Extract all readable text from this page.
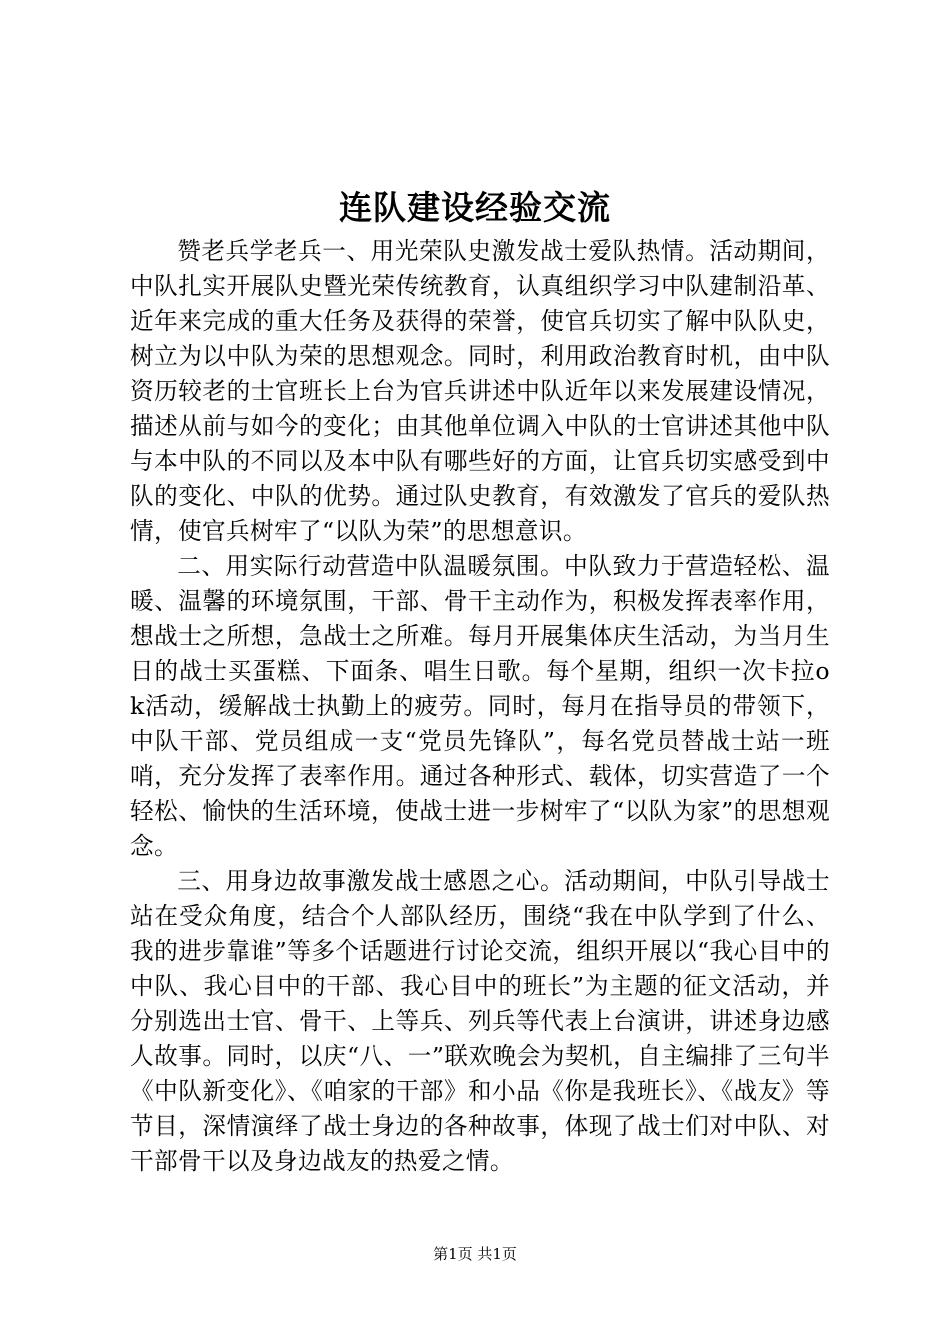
连队建设经验交流

赞老兵学老兵一、用光荣队史激发战士爱队热情。活动期间，中队扎实开展队史暨光荣传统教育，认真组织学习中队建制沿革、近年来完成的重大任务及获得的荣誉，使官兵切实了解中队队史，树立为以中队为荣的思想观念。同时，利用政治教育时机，由中队资历较老的士官班长上台为官兵讲述中队近年以来发展建设情况，描述从前与如今的变化；由其他单位调入中队的士官讲述其他中队与本中队的不同以及本中队有哪些好的方面，让官兵切实感受到中队的变化、中队的优势。通过队史教育，有效激发了官兵的爱队热情，使官兵树牢了“以队为荣”的思想意识。

二、用实际行动营造中队温暖氛围。中队致力于营造轻松、温暖、温馨的环境氛围，干部、骨干主动作为，积极发挥表率作用，想战士之所想，急战士之所难。每月开展集体庆生活动，为当月生日的战士买蛋糕、下面条、唱生日歌。每个星期，组织一次卡拉ok活动，缓解战士执勤上的疲劳。同时，每月在指导员的带领下，中队干部、党员组成一支“党员先锋队”，每名党员替战士站一班哨，充分发挥了表率作用。通过各种形式、载体，切实营造了一个轻松、愉快的生活环境，使战士进一步树牢了“以队为家”的思想观念。

三、用身边故事激发战士感恩之心。活动期间，中队引导战士站在受众角度，结合个人部队经历，围绕“我在中队学到了什么、我的进步靠谁”等多个话题进行讨论交流，组织开展以“我心目中的中队、我心目中的干部、我心目中的班长”为主题的征文活动，并分别选出士官、骨干、上等兵、列兵等代表上台演讲，讲述身边感人故事。同时，以庆“八、一”联欢晚会为契机，自主编排了三句半《中队新变化》、《咱家的干部》和小品《你是我班长》、《战友》等节目，深情演绎了战士身边的各种故事，体现了战士们对中队、对干部骨干以及身边战友的热爱之情。

第1页 共1页
